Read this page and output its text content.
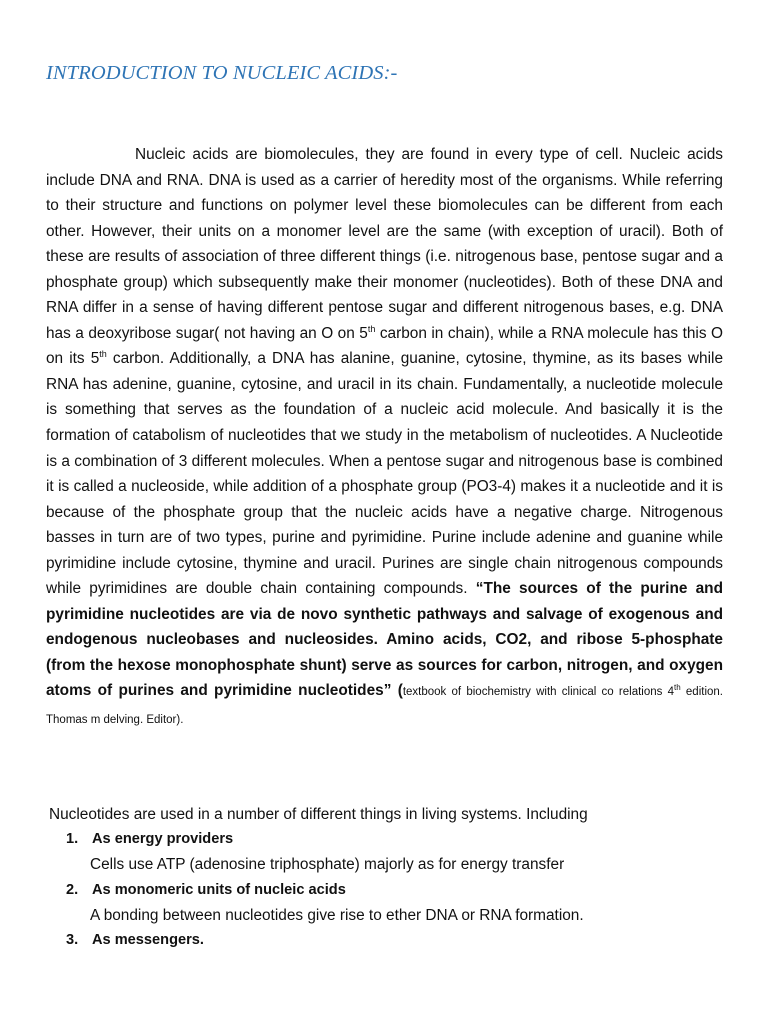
INTRODUCTION TO NUCLEIC ACIDS:-

Nucleic acids are biomolecules, they are found in every type of cell. Nucleic acids include DNA and RNA. DNA is used as a carrier of heredity most of the organisms. While referring to their structure and functions on polymer level these biomolecules can be different from each other. However, their units on a monomer level are the same (with exception of uracil). Both of these are results of association of three different things (i.e. nitrogenous base, pentose sugar and a phosphate group) which subsequently make their monomer (nucleotides). Both of these DNA and RNA differ in a sense of having different pentose sugar and different nitrogenous bases, e.g. DNA has a deoxyribose sugar( not having an O on 5th carbon in chain), while a RNA molecule has this O on its 5th carbon. Additionally, a DNA has alanine, guanine, cytosine, thymine, as its bases while RNA has adenine, guanine, cytosine, and uracil in its chain. Fundamentally, a nucleotide molecule is something that serves as the foundation of a nucleic acid molecule. And basically it is the formation of catabolism of nucleotides that we study in the metabolism of nucleotides. A Nucleotide is a combination of 3 different molecules. When a pentose sugar and nitrogenous base is combined it is called a nucleoside, while addition of a phosphate group (PO3-4) makes it a nucleotide and it is because of the phosphate group that the nucleic acids have a negative charge. Nitrogenous basses in turn are of two types, purine and pyrimidine. Purine include adenine and guanine while pyrimidine include cytosine, thymine and uracil. Purines are single chain nitrogenous compounds while pyrimidines are double chain containing compounds. “The sources of the purine and pyrimidine nucleotides are via de novo synthetic pathways and salvage of exogenous and endogenous nucleobases and nucleosides. Amino acids, CO2, and ribose 5-phosphate (from the hexose monophosphate shunt) serve as sources for carbon, nitrogen, and oxygen atoms of purines and pyrimidine nucleotides” (textbook of biochemistry with clinical co relations 4th edition. Thomas m delving. Editor).

Nucleotides are used in a number of different things in living systems. Including

1. As energy providers
Cells use ATP (adenosine triphosphate) majorly as for energy transfer
2. As monomeric units of nucleic acids
A bonding between nucleotides give rise to ether DNA or RNA formation.
3. As messengers.
